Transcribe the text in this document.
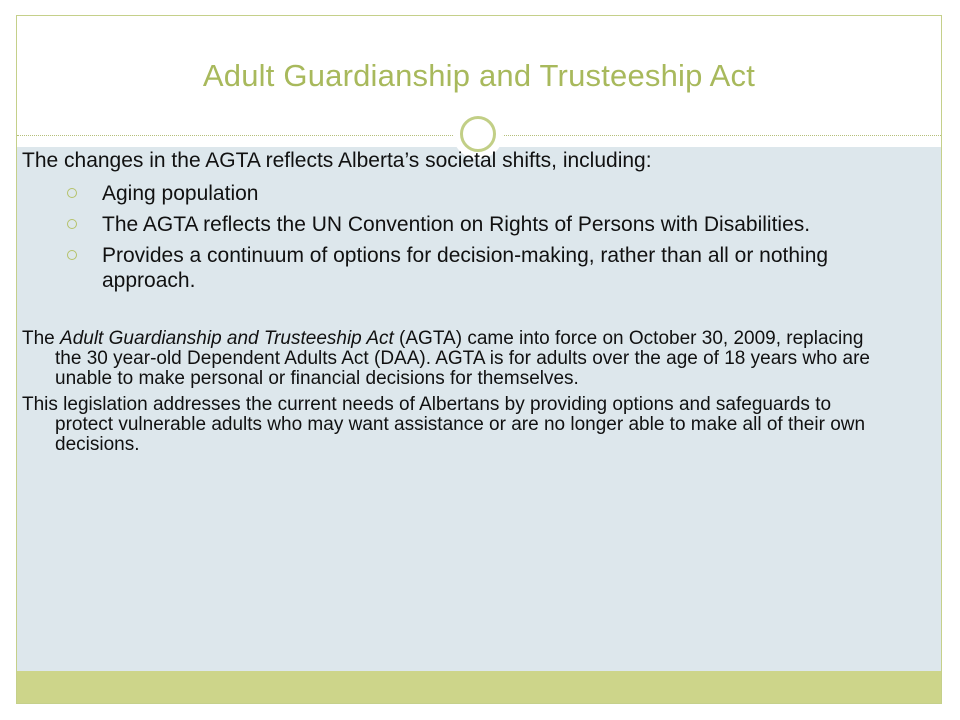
Adult Guardianship and Trusteeship Act

The changes in the AGTA reflects Alberta’s societal shifts, including:

Aging population
The AGTA reflects the UN Convention on Rights of Persons with Disabilities.
Provides a continuum of options for decision-making, rather than all or nothing approach.

The Adult Guardianship and Trusteeship Act (AGTA) came into force on October 30, 2009, replacing the 30 year-old Dependent Adults Act (DAA). AGTA is for adults over the age of 18 years who are unable to make personal or financial decisions for themselves.

This legislation addresses the current needs of Albertans by providing options and safeguards to protect vulnerable adults who may want assistance or are no longer able to make all of their own decisions.
